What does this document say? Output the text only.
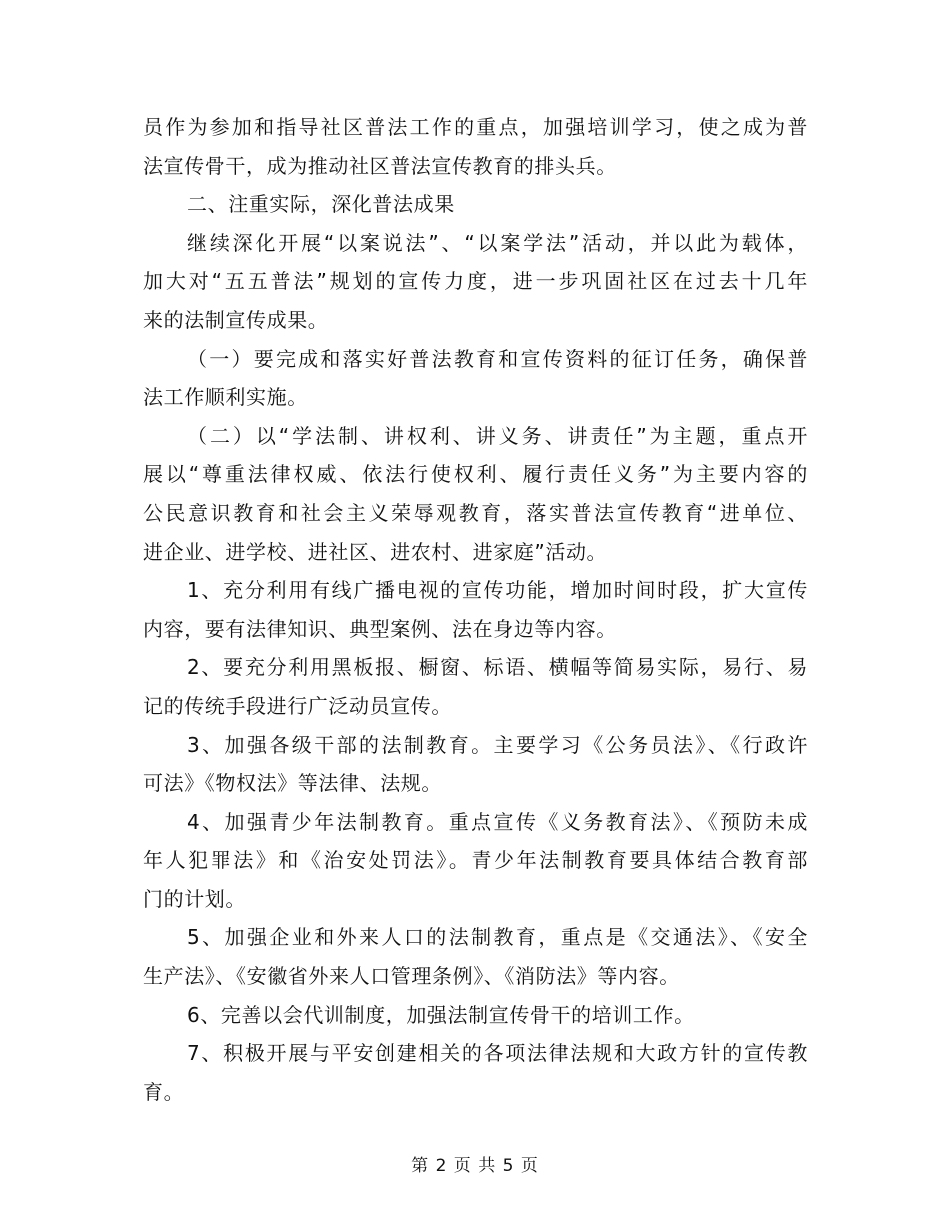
员作为参加和指导社区普法工作的重点，加强培训学习，使之成为普
法宣传骨干，成为推动社区普法宣传教育的排头兵。
二、注重实际，深化普法成果
继续深化开展“以案说法”、“以案学法”活动，并以此为载体，
加大对“五五普法”规划的宣传力度，进一步巩固社区在过去十几年
来的法制宣传成果。
（一）要完成和落实好普法教育和宣传资料的征订任务，确保普
法工作顺利实施。
（二）以“学法制、讲权利、讲义务、讲责任”为主题，重点开
展以“尊重法律权威、依法行使权利、履行责任义务”为主要内容的
公民意识教育和社会主义荣辱观教育，落实普法宣传教育“进单位、
进企业、进学校、进社区、进农村、进家庭”活动。
1、充分利用有线广播电视的宣传功能，增加时间时段，扩大宣传
内容，要有法律知识、典型案例、法在身边等内容。
2、要充分利用黑板报、橱窗、标语、横幅等简易实际，易行、易
记的传统手段进行广泛动员宣传。
3、加强各级干部的法制教育。主要学习《公务员法》、《行政许
可法》《物权法》等法律、法规。
4、加强青少年法制教育。重点宣传《义务教育法》、《预防未成
年人犯罪法》和《治安处罚法》。青少年法制教育要具体结合教育部
门的计划。
5、加强企业和外来人口的法制教育，重点是《交通法》、《安全
生产法》、《安徽省外来人口管理条例》、《消防法》等内容。
6、完善以会代训制度，加强法制宣传骨干的培训工作。
7、积极开展与平安创建相关的各项法律法规和大政方针的宣传教
育。
第 2 页 共 5 页
